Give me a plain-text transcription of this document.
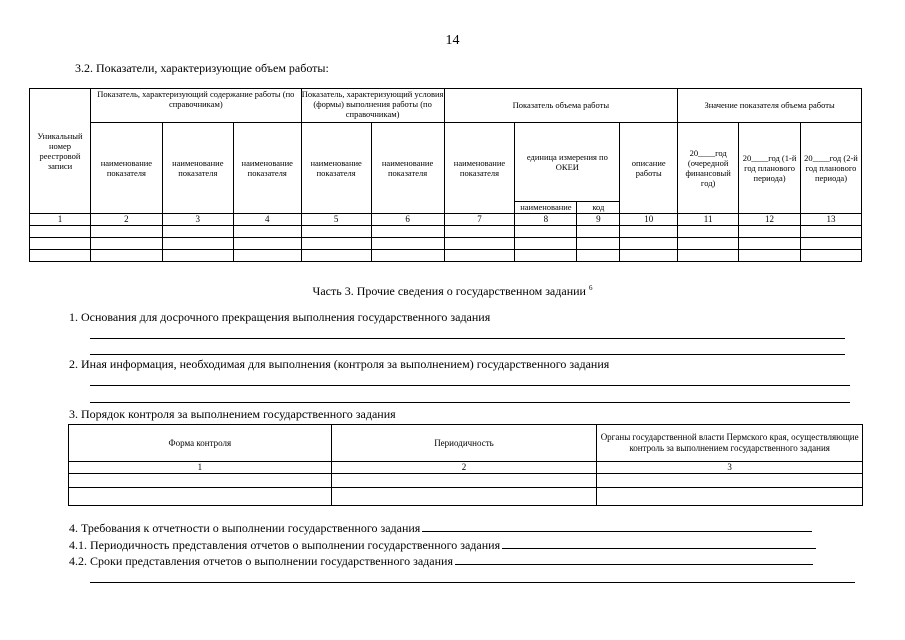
14
3.2. Показатели, характеризующие объем работы:
Уникальный номер реестровой записи	Показатель, характеризующий содержание работы (по справочникам)			Показатель, характеризующий условия (формы) выполнения работы (по справочникам)		Показатель объема работы				Значение показателя объема работы		
	наименование показателя	наименование показателя	наименование показателя	наименование показателя	наименование показателя	наименование показателя	единица измерения по ОКЕИ		описание работы	20____год (очередной финансовый год)	20____год (1-й год планового периода)	20____год (2-й год планового периода)
							наименование	код				
1	2	3	4	5	6	7	8	9	10	11	12	13

Часть 3. Прочие сведения о государственном задании $^6$
1. Основания для досрочного прекращения выполнения государственного задания
2. Иная информация, необходимая для выполнения (контроля за выполнением) государственного задания
3. Порядок контроля за выполнением государственного задания
Форма контроля	Периодичность	Органы государственной власти Пермского края, осуществляющие контроль за выполнением государственного задания
1	2	3

4. Требования к отчетности о выполнении государственного задания
4.1. Периодичность представления отчетов о выполнении государственного задания
4.2. Сроки представления отчетов о выполнении государственного задания
